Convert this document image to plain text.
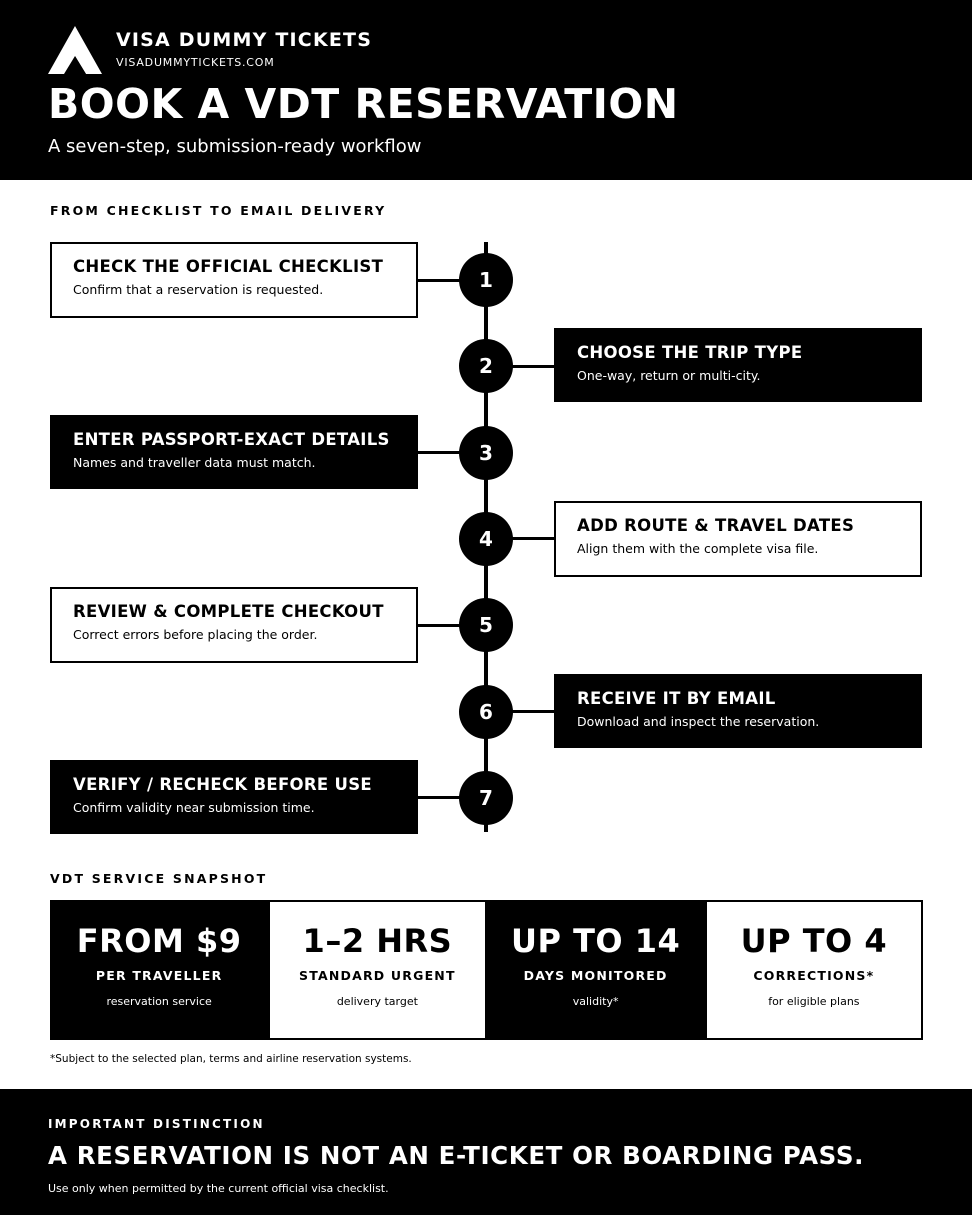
VISA DUMMY TICKETS
VISADUMMYTICKETS.COM
BOOK A VDT RESERVATION
A seven-step, submission-ready workflow
FROM CHECKLIST TO EMAIL DELIVERY
CHECK THE OFFICIAL CHECKLIST
Confirm that a reservation is requested.	1
CHOOSE THE TRIP TYPE
One-way, return or multi-city.
2
ENTER PASSPORT-EXACT DETAILS
Names and traveller data must match.	3
ADD ROUTE & TRAVEL DATES
Align them with the complete visa file.
4
REVIEW & COMPLETE CHECKOUT
Correct errors before placing the order.	5
RECEIVE IT BY EMAIL
Download and inspect the reservation.
6
VERIFY / RECHECK BEFORE USE
Confirm validity near submission time.	7
VDT SERVICE SNAPSHOT
FROM $9
PER TRAVELLER
reservation service
1–2 HRS
STANDARD URGENT
delivery target
UP TO 14
DAYS MONITORED
validity*
UP TO 4
CORRECTIONS*
for eligible plans
*Subject to the selected plan, terms and airline reservation systems.
IMPORTANT DISTINCTION
A RESERVATION IS NOT AN E-TICKET OR BOARDING PASS.
Use only when permitted by the current official visa checklist.
